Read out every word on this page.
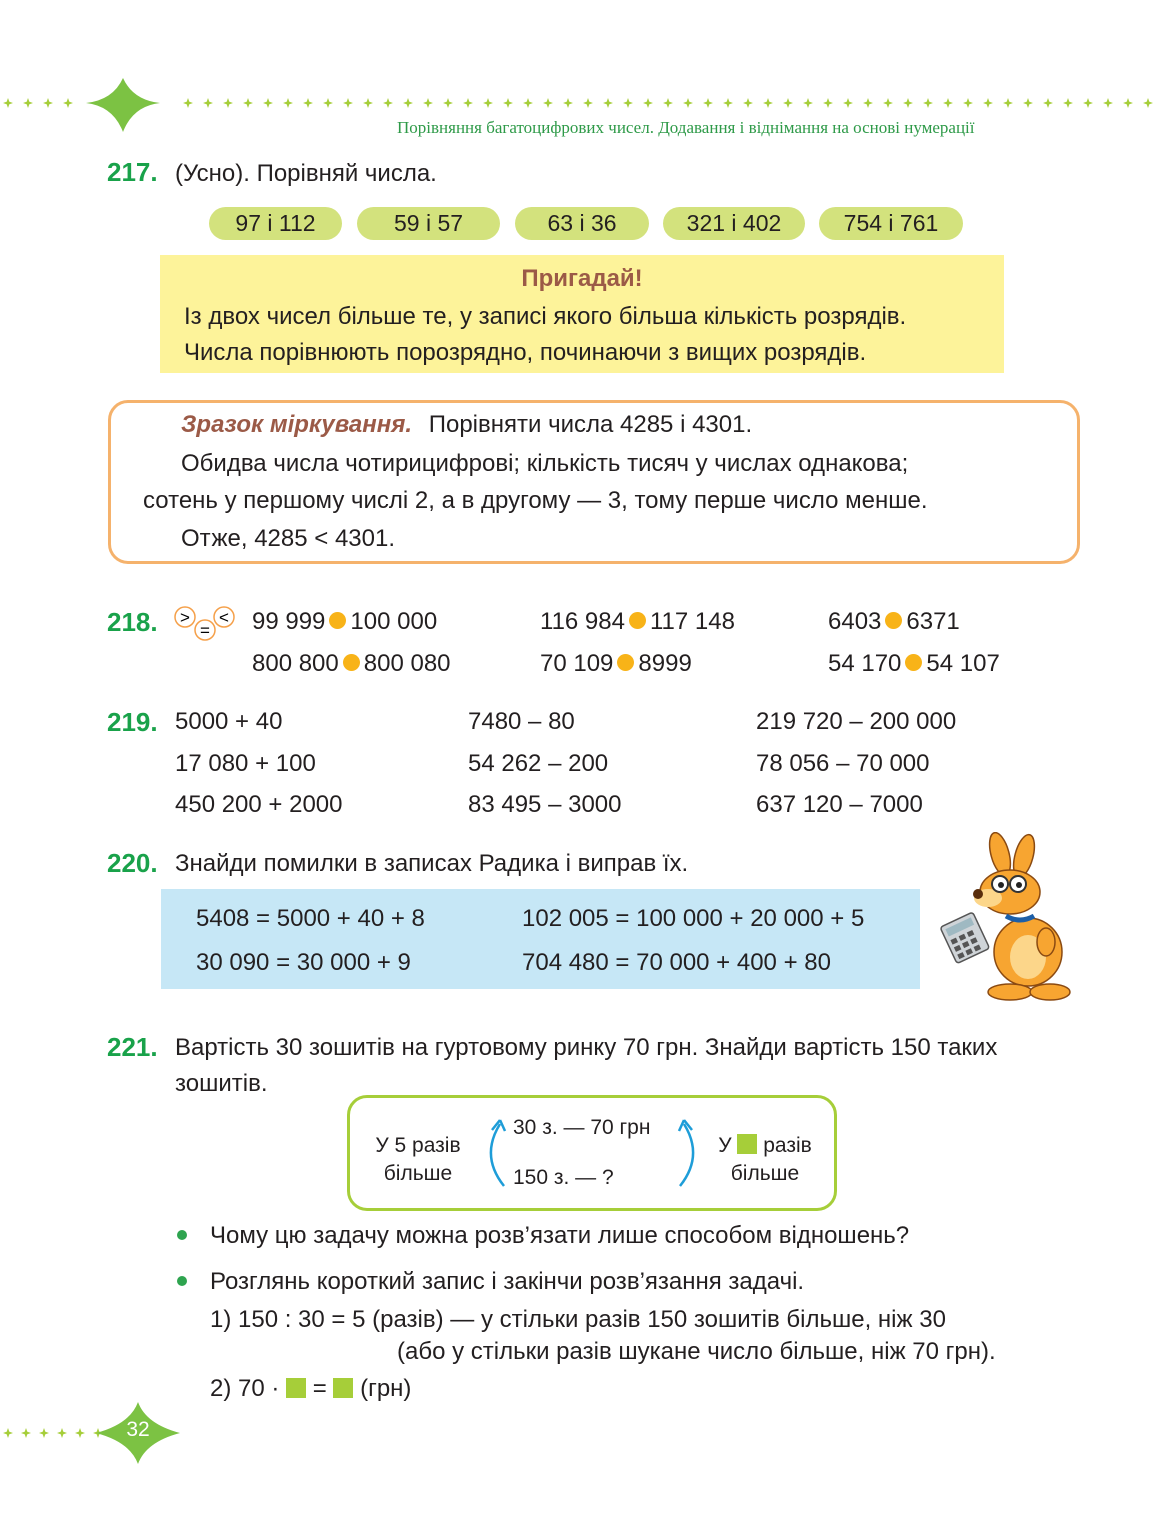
Порівняння багатоцифрових чисел. Додавання і віднімання на основі нумерації
217. (Усно). Порівняй числа.
97 і 112	59 і 57	63 і 36	321 і 402	754 і 761
Пригадай!
Із двох чисел більше те, у записі якого більша кількість розрядів.
Числа порівнюють порозрядно, починаючи з вищих розрядів.
Зразок міркування. Порівняти числа 4285 і 4301.
Обидва числа чотирицифрові; кількість тисяч у числах однакова;
сотень у першому числі 2, а в другому — 3, тому перше число менше.
Отже, 4285 < 4301.
218. >
=
< 99 999 100 000	116 984 117 148	6403 6371
800 800 800 080	70 109 8999	54 170 54 107
219. 5000 + 40	7480 – 80	219 720 – 200 000
17 080 + 100	54 262 – 200	78 056 – 70 000
450 200 + 2000	83 495 – 3000	637 120 – 7000
220. Знайди помилки в записах Радика і виправ їх.
5408 = 5000 + 40 + 8	102 005 = 100 000 + 20 000 + 5
30 090 = 30 000 + 9	704 480 = 70 000 + 400 + 80
221. Вартість 30 зошитів на гуртовому ринку 70 грн. Знайди вартість 150 таких
зошитів.
У 5 разів
більше
30 з. — 70 грн
150 з. — ?
У разів
більше
Чому цю задачу можна розв’язати лише способом відношень?
Розглянь короткий запис і закінчи розв’язання задачі.
1) 150 : 30 = 5 (разів) — у стільки разів 150 зошитів більше, ніж 30
(або у стільки разів шукане число більше, ніж 70 грн).
2) 70 · = (грн)
32
